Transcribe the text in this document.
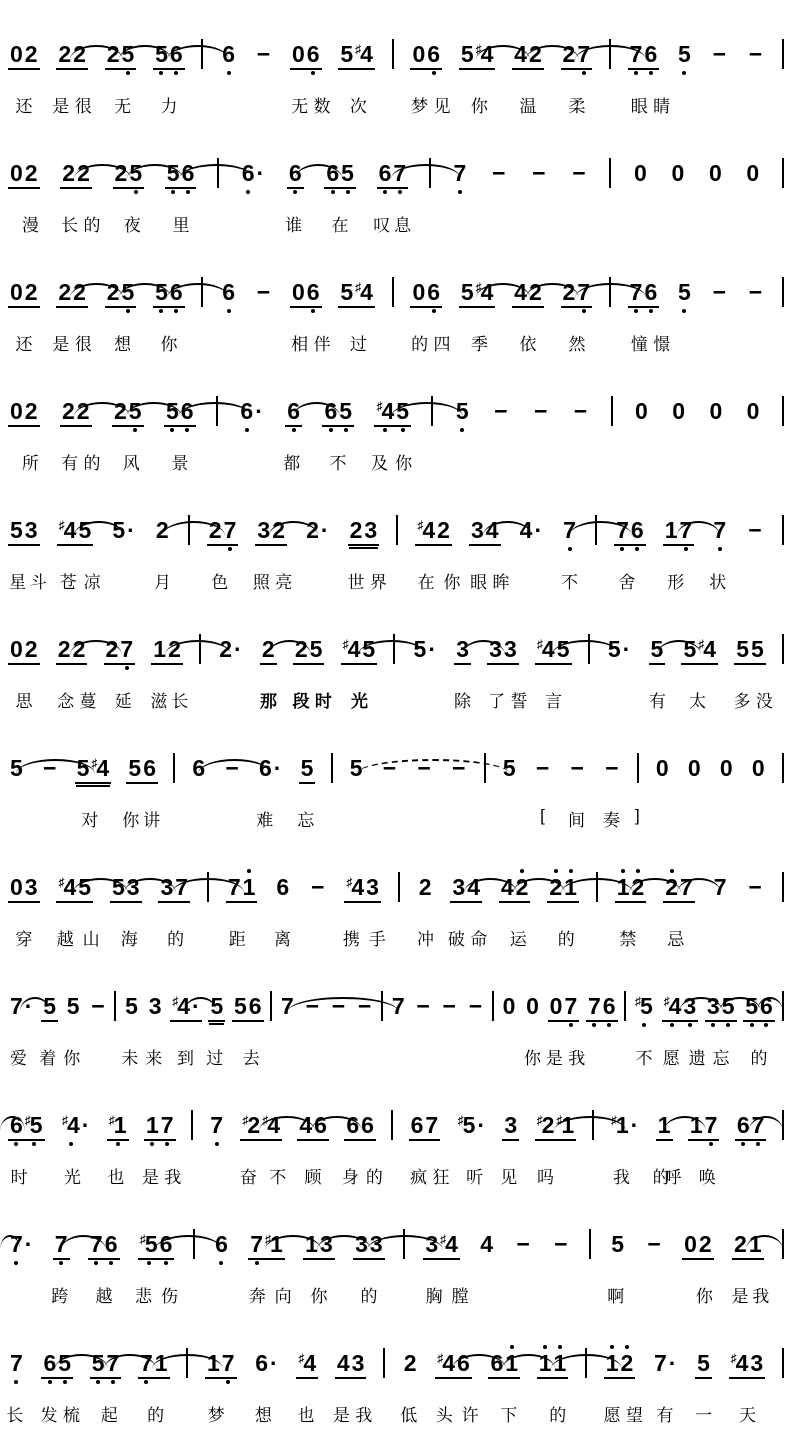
02 22 25 5
6 6 − 06 5 ♯4 06 5 ♯4 42 27 7
6 5 − −
还 是 很 无 力	无 数 次	梦 见 你 温 柔	眼 睛
02 22 25 5
6 6
· 6 6
5 6
7 7 − − − 0 0 0 0
漫 长 的 夜 里	谁 在 叹 息
02 22 25 5
6 6 − 06 5 ♯4 06 5 ♯4 42 27 7
6 5 − −
还 是 很 想 你	相 伴 过	的 四 季 依 然	憧 憬
02 22 25 5
6 6
· 6 6
5 ♯4
5 5 − − − 0 0 0 0
所 有 的 风 景	都 不 及 你
53 ♯45 5· 2 27 32 2· 23	♯42 34 4· 7 7
6 17 7 −
星 斗 苍 凉	月 色 照 亮	世 界 在 你 眼 眸	不 舍 形 状
02 22 27 12 2· 2 25 ♯45 5· 3 33 ♯45 5· 5 5 ♯4 55
思 念 蔓 延 滋 长	那 段 时 光	除 了 誓 言	有 太 多 没
5 − 5 ♯4 56 6 − 6· 5 5 − − − 5 − − − 0 0 0 0
对 你 讲	难 忘	[ 间 奏 ]
03 ♯45 53 37 71 6 − ♯43 2 34 42 2
1 1
2 2
7 7 −
穿 越 山 海 的	距 离	携 手 冲 破 命 运 的	禁 忌
7· 5 5 − 5 3 ♯4· 5 56 7 − − − 7 − − − 0 0 07 7
6 ♯5 ♯4
3 3
5 5
6
爱 着 你 未 来 到 过 去	你 是 我	不 愿 遗 忘 的
6 ♯5 ♯4
· ♯1 1
7 7 ♯2 ♯4 46 66 67 ♯5· 3 ♯2 ♯1	♯1· 1 17 6
7
时 光 也 是 我	奋 不 顾 身 的 疯 狂 听 见 吗	我 的
呼 唤
7
· 7 7
6 ♯5
6 6 7 ♯1 13 33 3 ♯4 4 − − 5 − 02 21
跨 越 悲 伤	奔 向 你 的	胸 膛	啊	你 是 我
7 6
5 5
7 7
1 17 6· ♯4 43 2 ♯46 61 1
1 1
2 7· 5 ♯43
长 发 梳 起 的	梦 想 也 是 我 低 头 许 下 的 愿 望 有 一 天
